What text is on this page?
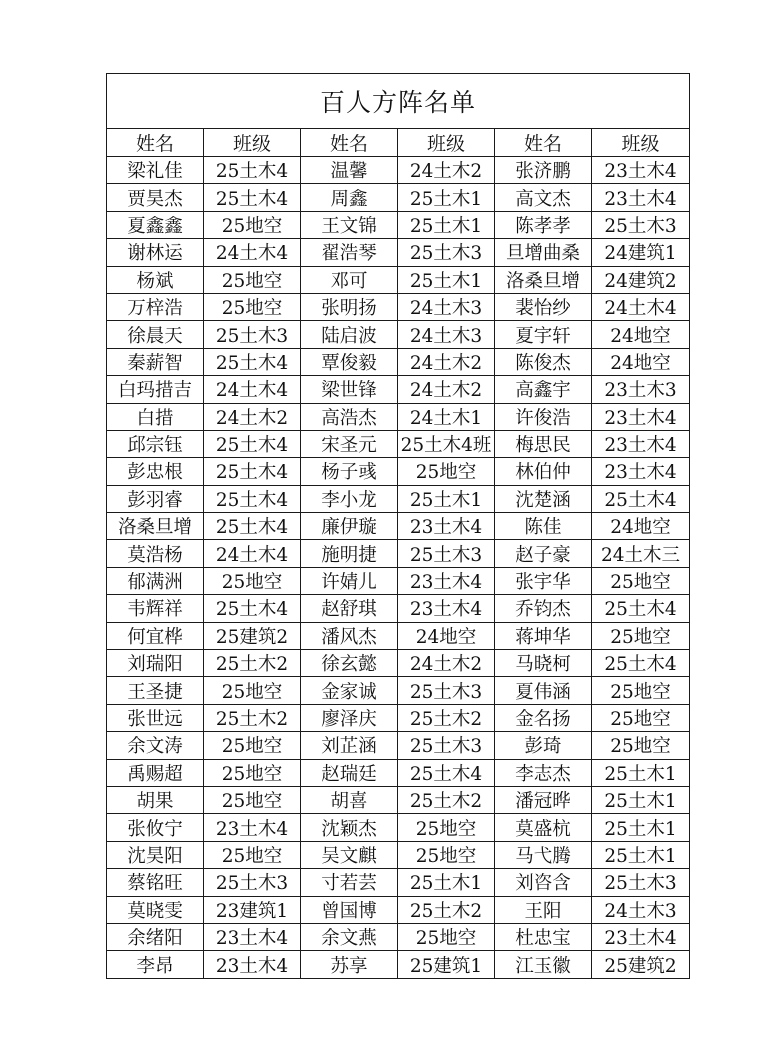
百人方阵名单					
姓名	班级	姓名	班级	姓名	班级
梁礼佳	25土木4	温馨	24土木2	张济鹏	23土木4
贾昊杰	25土木4	周鑫	25土木1	高文杰	23土木4
夏鑫鑫	25地空	王文锦	25土木1	陈孝孝	25土木3
谢林运	24土木4	翟浩琴	25土木3	旦增曲桑	24建筑1
杨斌	25地空	邓可	25土木1	洛桑旦增	24建筑2
万梓浩	25地空	张明扬	24土木3	裴怡纱	24土木4
徐晨天	25土木3	陆启波	24土木3	夏宇轩	24地空
秦薪智	25土木4	覃俊毅	24土木2	陈俊杰	24地空
白玛措吉	24土木4	梁世锋	24土木2	高鑫宇	23土木3
白措	24土木2	高浩杰	24土木1	许俊浩	23土木4
邱宗钰	25土木4	宋圣元	25土木4班	梅思民	23土木4
彭忠根	25土木4	杨子彧	25地空	林伯仲	23土木4
彭羽睿	25土木4	李小龙	25土木1	沈楚涵	25土木4
洛桑旦增	25土木4	廉伊璇	23土木4	陈佳	24地空
莫浩杨	24土木4	施明捷	25土木3	赵子豪	24土木三
郁满洲	25地空	许婧儿	23土木4	张宇华	25地空
韦辉祥	25土木4	赵舒琪	23土木4	乔钧杰	25土木4
何宜桦	25建筑2	潘风杰	24地空	蒋坤华	25地空
刘瑞阳	25土木2	徐玄懿	24土木2	马晓柯	25土木4
王圣捷	25地空	金家诚	25土木3	夏伟涵	25地空
张世远	25土木2	廖泽庆	25土木2	金名扬	25地空
余文涛	25地空	刘芷涵	25土木3	彭琦	25地空
禹赐超	25地空	赵瑞廷	25土木4	李志杰	25土木1
胡果	25地空	胡喜	25土木2	潘冠晔	25土木1
张攸宁	23土木4	沈颖杰	25地空	莫盛杭	25土木1
沈昊阳	25地空	吴文麒	25地空	马弋腾	25土木1
蔡铭旺	25土木3	寸若芸	25土木1	刘咨含	25土木3
莫晓雯	23建筑1	曾国博	25土木2	王阳	24土木3
余绪阳	23土木4	余文燕	25地空	杜忠宝	23土木4
李昂	23土木4	苏享	25建筑1	江玉徽	25建筑2
